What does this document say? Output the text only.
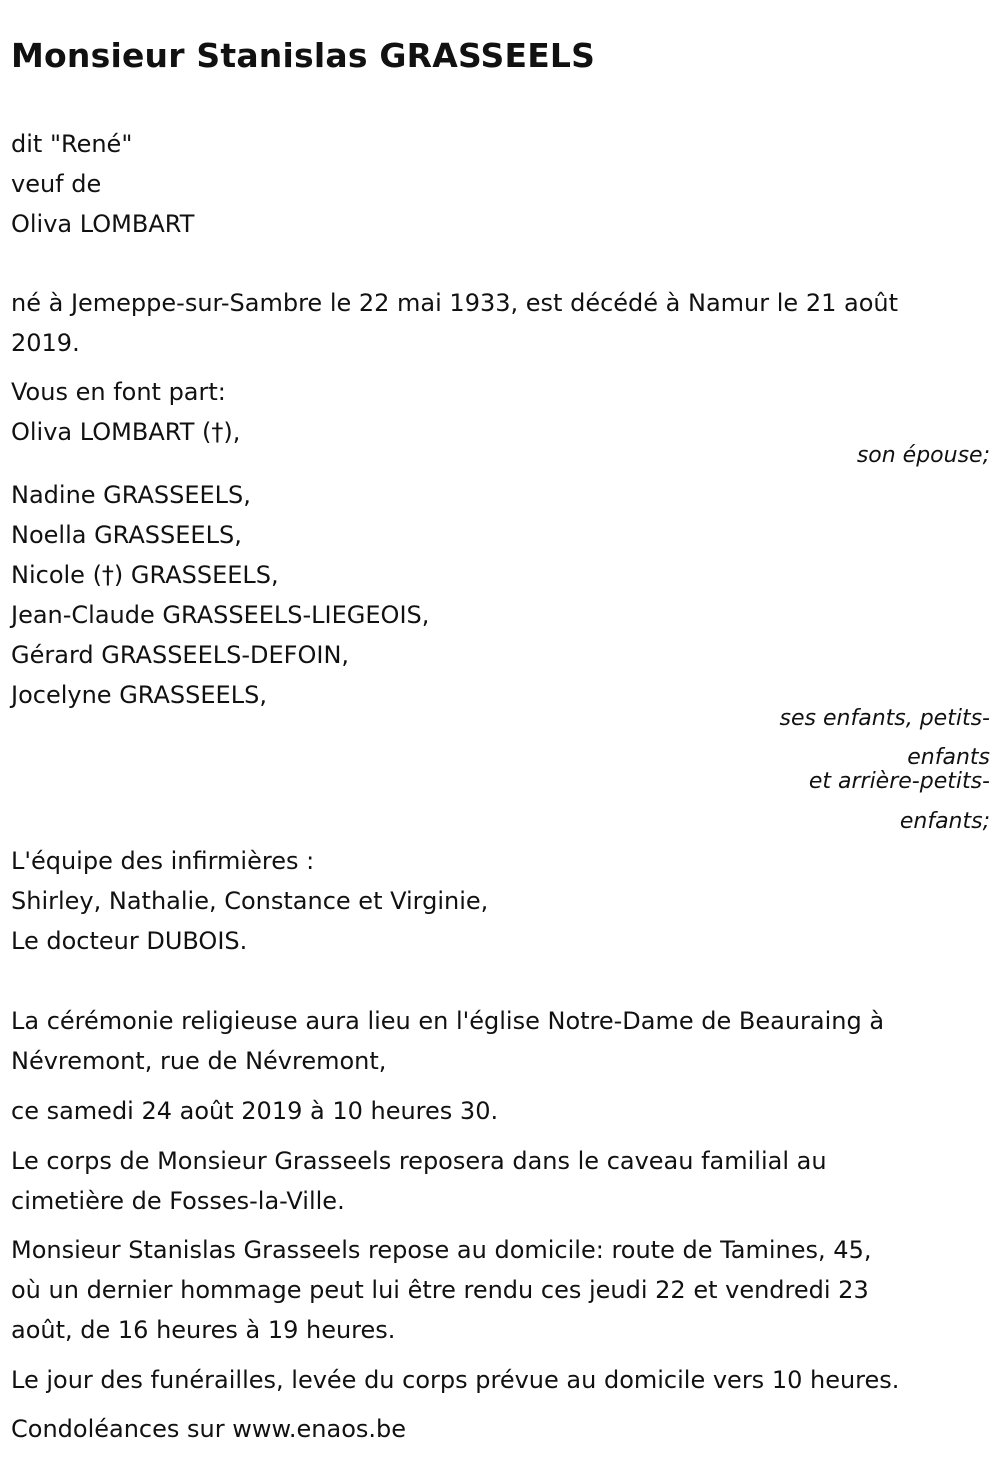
Monsieur Stanislas GRASSEELS
dit "René"
veuf de
Oliva LOMBART
né à Jemeppe-sur-Sambre le 22 mai 1933, est décédé à Namur le 21 août
2019.
Vous en font part:
Oliva LOMBART (†),
son épouse;
Nadine GRASSEELS,
Noella GRASSEELS,
Nicole (†) GRASSEELS,
Jean-Claude GRASSEELS-LIEGEOIS,
Gérard GRASSEELS-DEFOIN,
Jocelyne GRASSEELS,
ses enfants, petits-
enfants
et arrière-petits-
enfants;
L'équipe des infirmières :
Shirley, Nathalie, Constance et Virginie,
Le docteur DUBOIS.
La cérémonie religieuse aura lieu en l'église Notre-Dame de Beauraing à
Névremont, rue de Névremont,
ce samedi 24 août 2019 à 10 heures 30.
Le corps de Monsieur Grasseels reposera dans le caveau familial au
cimetière de Fosses-la-Ville.
Monsieur Stanislas Grasseels repose au domicile: route de Tamines, 45,
où un dernier hommage peut lui être rendu ces jeudi 22 et vendredi 23
août, de 16 heures à 19 heures.
Le jour des funérailles, levée du corps prévue au domicile vers 10 heures.
Condoléances sur www.enaos.be
